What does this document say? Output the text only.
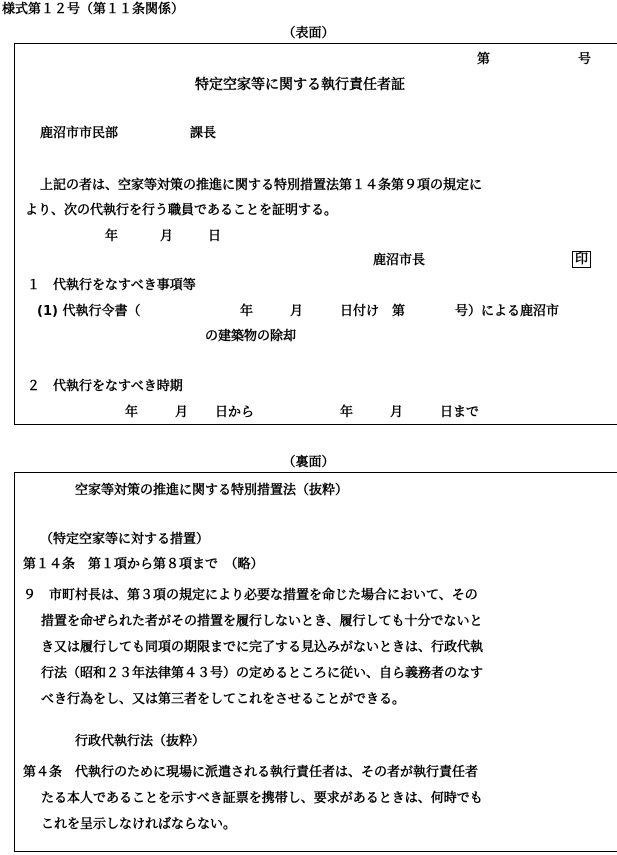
様式第１２号（第１１条関係）
（表面）
第	号
特定空家等に関する執行責任者証
鹿沼市市民部	課長
上記の者は、空家等対策の推進に関する特別措置法第１４条第９項の規定に
より、次の代執行を行う職員であることを証明する。
年	月	日
鹿沼市長	印
１　代執行をなすべき事項等
(1) 代執行令書（	年	月	日付け　第	号）による鹿沼市
の建築物の除却
２　代執行をなすべき時期
年	月 日から	年	月	日まで
（裏面）
空家等対策の推進に関する特別措置法（抜粋）
（特定空家等に対する措置）
第１４条　第１項から第８項まで　（略）
９　市町村長は、第３項の規定により必要な措置を命じた場合において、その
措置を命ぜられた者がその措置を履行しないとき、履行しても十分でないと
き又は履行しても同項の期限までに完了する見込みがないときは、行政代執
行法（昭和２３年法律第４３号）の定めるところに従い、自ら義務者のなす
べき行為をし、又は第三者をしてこれをさせることができる。
行政代執行法（抜粋）
第４条　代執行のために現場に派遣される執行責任者は、その者が執行責任者
たる本人であることを示すべき証票を携帯し、要求があるときは、何時でも
これを呈示しなければならない。
